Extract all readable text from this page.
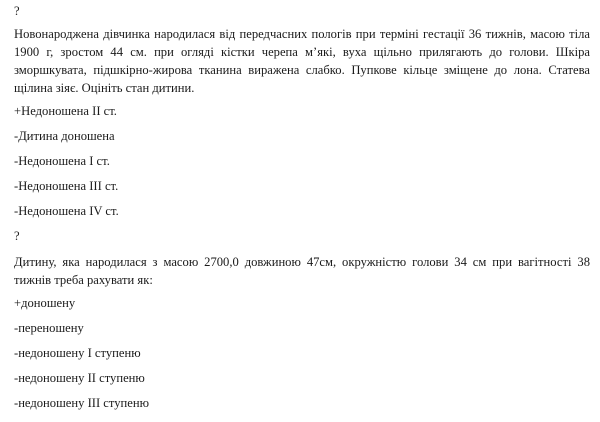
?
Новонароджена дівчинка народилася від передчасних пологів при терміні гестації 36 тижнів, масою тіла 1900 г, зростом 44 см. при огляді кістки черепа м’які, вуха щільно прилягають до голови. Шкіра зморшкувата, підшкірно-жирова тканина виражена слабко. Пупкове кільце зміщене до лона. Статева щілина зіяє. Оцініть стан дитини.
+Недоношена ІІ ст.
-Дитина доношена
-Недоношена І ст.
-Недоношена ІІІ ст.
-Недоношена IV ст.
?
Дитину, яка народилася з масою 2700,0 довжиною 47см, окружністю голови 34 см при вагітності 38 тижнів треба рахувати як:
+доношену
-переношену
-недоношену І ступеню
-недоношену ІІ ступеню
-недоношену ІІІ ступеню
